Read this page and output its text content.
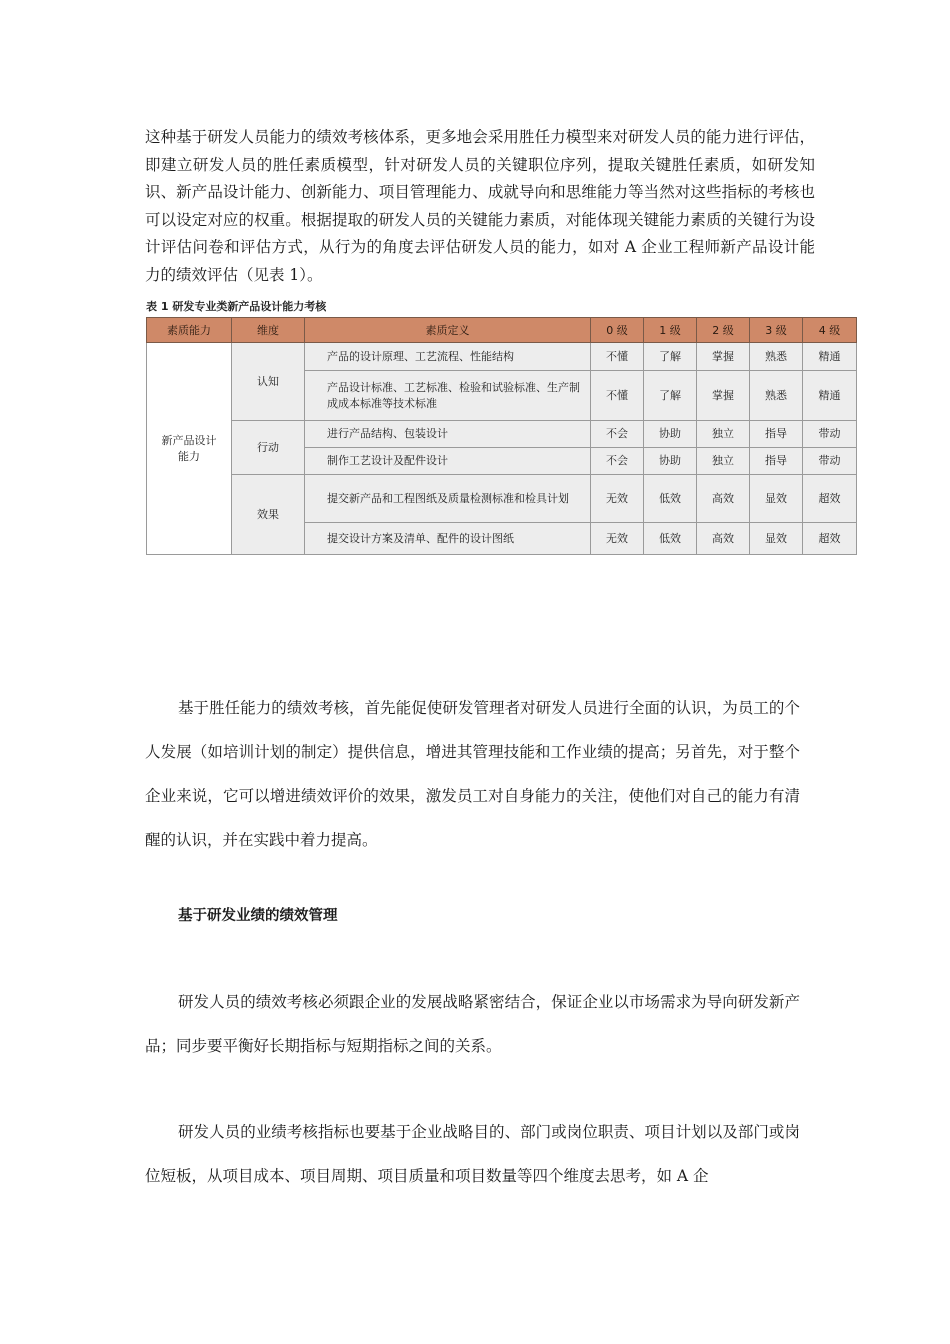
这种基于研发人员能力的绩效考核体系，更多地会采用胜任力模型来对研发人员的能力进行评估，即建立研发人员的胜任素质模型，针对研发人员的关键职位序列，提取关键胜任素质，如研发知识、新产品设计能力、创新能力、项目管理能力、成就导向和思维能力等当然对这些指标的考核也可以设定对应的权重。根据提取的研发人员的关键能力素质，对能体现关键能力素质的关键行为设计评估问卷和评估方式，从行为的角度去评估研发人员的能力，如对 A 企业工程师新产品设计能力的绩效评估（见表 1）。

表 1 研发专业类新产品设计能力考核
素质能力	维度	素质定义	0 级	1 级	2 级	3 级	4 级
新产品设计能力	认知	产品的设计原理、工艺流程、性能结构	不懂	了解	掌握	熟悉	精通
		产品设计标准、工艺标准、检验和试验标准、生产制成成本标准等技术标准	不懂	了解	掌握	熟悉	精通
	行动	进行产品结构、包装设计	不会	协助	独立	指导	带动
		制作工艺设计及配件设计	不会	协助	独立	指导	带动
	效果	提交新产品和工程图纸及质量检测标准和检具计划	无效	低效	高效	显效	超效
		提交设计方案及清单、配件的设计图纸	无效	低效	高效	显效	超效

基于胜任能力的绩效考核，首先能促使研发管理者对研发人员进行全面的认识，为员工的个人发展（如培训计划的制定）提供信息，增进其管理技能和工作业绩的提高；另首先，对于整个企业来说，它可以增进绩效评价的效果，激发员工对自身能力的关注，使他们对自己的能力有清醒的认识，并在实践中着力提高。

基于研发业绩的绩效管理

研发人员的绩效考核必须跟企业的发展战略紧密结合，保证企业以市场需求为导向研发新产品；同步要平衡好长期指标与短期指标之间的关系。

研发人员的业绩考核指标也要基于企业战略目的、部门或岗位职责、项目计划以及部门或岗位短板，从项目成本、项目周期、项目质量和项目数量等四个维度去思考，如 A 企
